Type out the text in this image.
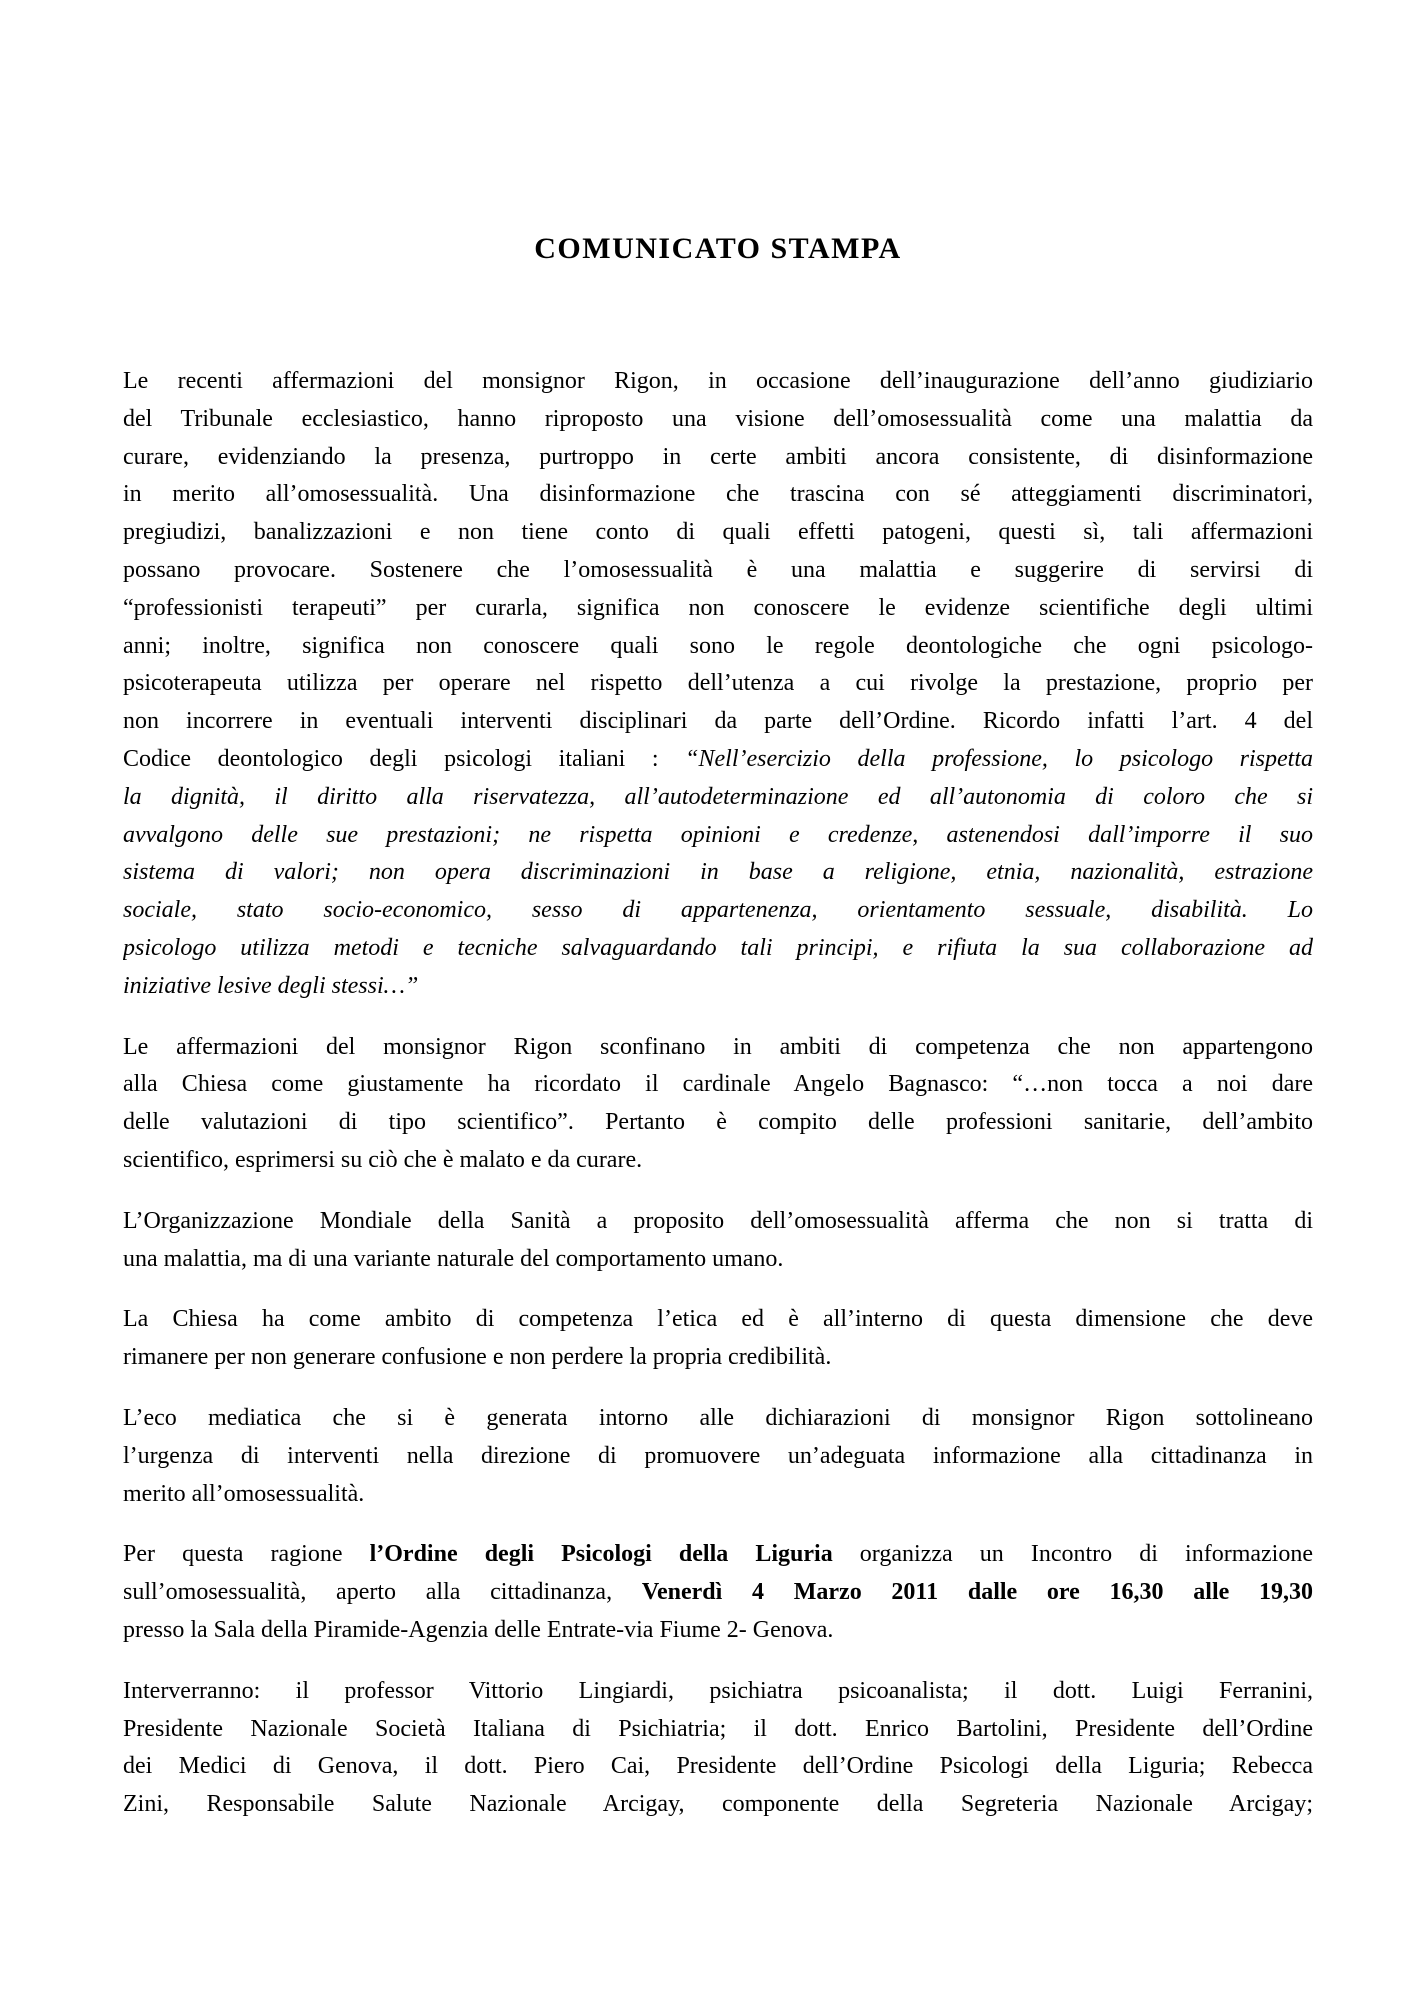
COMUNICATO STAMPA
Le recenti affermazioni del monsignor Rigon, in occasione dell’inaugurazione dell’anno giudiziario
del Tribunale ecclesiastico, hanno riproposto una visione dell’omosessualità come una malattia da
curare, evidenziando la presenza, purtroppo in certe ambiti ancora consistente, di disinformazione
in merito all’omosessualità. Una disinformazione che trascina con sé atteggiamenti discriminatori,
pregiudizi, banalizzazioni e non tiene conto di quali effetti patogeni, questi sì, tali affermazioni
possano provocare. Sostenere che l’omosessualità è una malattia e suggerire di servirsi di
“professionisti terapeuti” per curarla, significa non conoscere le evidenze scientifiche degli ultimi
anni; inoltre, significa non conoscere quali sono le regole deontologiche che ogni psicologo-
psicoterapeuta utilizza per operare nel rispetto dell’utenza a cui rivolge la prestazione, proprio per
non incorrere in eventuali interventi disciplinari da parte dell’Ordine. Ricordo infatti l’art. 4 del
Codice deontologico degli psicologi italiani : “Nell’esercizio della professione, lo psicologo rispetta
la dignità, il diritto alla riservatezza, all’autodeterminazione ed all’autonomia di coloro che si
avvalgono delle sue prestazioni; ne rispetta opinioni e credenze, astenendosi dall’imporre il suo
sistema di valori; non opera discriminazioni in base a religione, etnia, nazionalità, estrazione
sociale, stato socio-economico, sesso di appartenenza, orientamento sessuale, disabilità. Lo
psicologo utilizza metodi e tecniche salvaguardando tali principi, e rifiuta la sua collaborazione ad
iniziative lesive degli stessi…”
Le affermazioni del monsignor Rigon sconfinano in ambiti di competenza che non appartengono
alla Chiesa come giustamente ha ricordato il cardinale Angelo Bagnasco: “…non tocca a noi dare
delle valutazioni di tipo scientifico”. Pertanto è compito delle professioni sanitarie, dell’ambito
scientifico, esprimersi su ciò che è malato e da curare.
L’Organizzazione Mondiale della Sanità a proposito dell’omosessualità afferma che non si tratta di
una malattia, ma di una variante naturale del comportamento umano.
La Chiesa ha come ambito di competenza l’etica ed è all’interno di questa dimensione che deve
rimanere per non generare confusione e non perdere la propria credibilità.
L’eco mediatica che si è generata intorno alle dichiarazioni di monsignor Rigon sottolineano
l’urgenza di interventi nella direzione di promuovere un’adeguata informazione alla cittadinanza in
merito all’omosessualità.
Per questa ragione l’Ordine degli Psicologi della Liguria organizza un Incontro di informazione
sull’omosessualità, aperto alla cittadinanza, Venerdì 4 Marzo 2011 dalle ore 16,30 alle 19,30
presso la Sala della Piramide-Agenzia delle Entrate-via Fiume 2- Genova.
Interverranno: il professor Vittorio Lingiardi, psichiatra psicoanalista; il dott. Luigi Ferranini,
Presidente Nazionale Società Italiana di Psichiatria; il dott. Enrico Bartolini, Presidente dell’Ordine
dei Medici di Genova, il dott. Piero Cai, Presidente dell’Ordine Psicologi della Liguria; Rebecca
Zini, Responsabile Salute Nazionale Arcigay, componente della Segreteria Nazionale Arcigay;
